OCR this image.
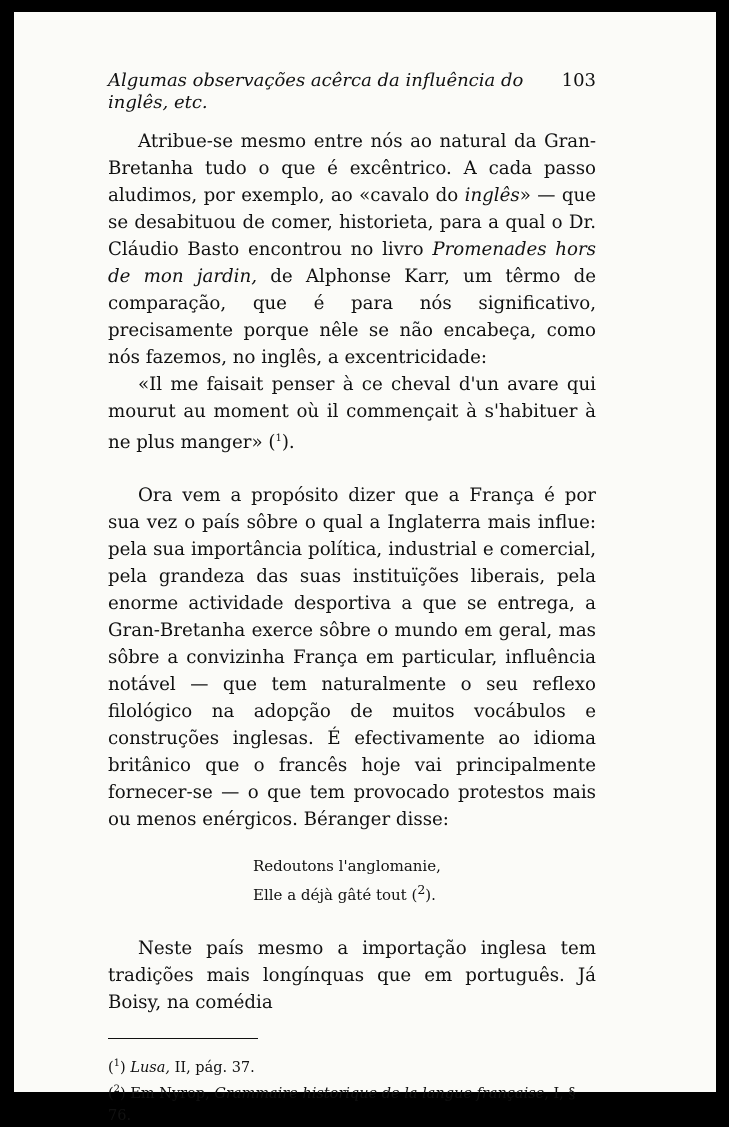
Algumas observações acêrca da influência do inglês, etc.
103

Atribue-se mesmo entre nós ao natural da Gran-Bretanha tudo o que é excêntrico. A cada passo aludimos, por exemplo, ao «cavalo do inglês» — que se desabituou de comer, historieta, para a qual o Dr. Cláudio Basto encontrou no livro Promenades hors de mon jardin, de Alphonse Karr, um têrmo de comparação, que é para nós significativo, precisamente porque nêle se não encabeça, como nós fazemos, no inglês, a excentricidade:

«Il me faisait penser à ce cheval d'un avare qui mourut au moment où il commençait à s'habituer à ne plus manger» ($^1$).

Ora vem a propósito dizer que a França é por sua vez o país sôbre o qual a Inglaterra mais influe: pela sua importância política, industrial e comercial, pela grandeza das suas instituïções liberais, pela enorme actividade desportiva a que se entrega, a Gran-Bretanha exerce sôbre o mundo em geral, mas sôbre a convizinha França em particular, influência notável — que tem naturalmente o seu reflexo filológico na adopção de muitos vocábulos e construções inglesas. É efectivamente ao idioma britânico que o francês hoje vai principalmente fornecer-se — o que tem provocado protestos mais ou menos enérgicos. Béranger disse:

Redoutons l'anglomanie,
Elle a déjà gâté tout ($^2$).

Neste país mesmo a importação inglesa tem tradições mais longínquas que em português. Já Boisy, na comédia

($^1$) Lusa, II, pág. 37.
($^2$) Em Nyrop, Grammaire historique de la langue française, I, § 76.
